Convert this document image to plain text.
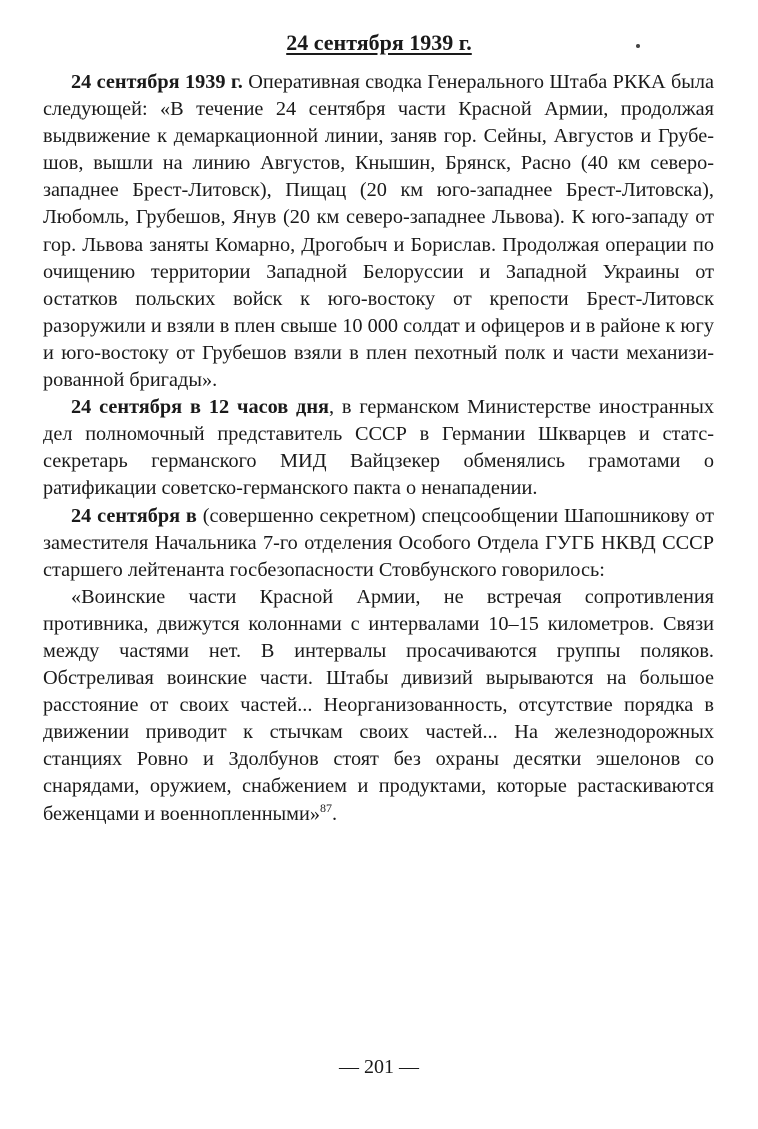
24 сентября 1939 г.

24 сентября 1939 г. Оперативная сводка Генерального Штаба РККА была следующей: «В течение 24 сентября части Красной Армии, продолжая выдвижение к демаркационной линии, заняв гор. Сейны, Августов и Грубешов, вышли на линию Августов, Кнышин, Брянск, Расно (40 км северо-западнее Брест-Литовск), Пищац (20 км юго-западнее Брест-Литовска), Любомль, Грубешов, Янув (20 км северо-западнее Львова). К юго-западу от гор. Львова заняты Комарно, Дрогобыч и Борислав. Продолжая операции по очищению территории Западной Белоруссии и Западной Украины от остатков польских войск к юго-востоку от крепости Брест-Литовск разоружили и взяли в плен свыше 10 000 солдат и офицеров и в районе к югу и юго-востоку от Грубешов взяли в плен пехотный полк и части механизированной бригады».

24 сентября в 12 часов дня, в германском Министерстве иностранных дел полномочный представитель СССР в Германии Шкварцев и статс-секретарь германского МИД Вайцзекер обменялись грамотами о ратификации советско-германского пакта о ненападении.

24 сентября в (совершенно секретном) спецсообщении Шапошникову от заместителя Начальника 7-го отделения Особого Отдела ГУГБ НКВД СССР старшего лейтенанта госбезопасности Стовбунского говорилось:

«Воинские части Красной Армии, не встречая сопротивления противника, движутся колоннами с интервалами 10–15 километров. Связи между частями нет. В интервалы просачиваются группы поляков. Обстреливая воинские части. Штабы дивизий вырываются на большое расстояние от своих частей... Неорганизованность, отсутствие порядка в движении приводит к стычкам своих частей... На железнодорожных станциях Ровно и Здолбунов стоят без охраны десятки эшелонов со снарядами, оружием, снабжением и продуктами, которые растаскиваются беженцами и военнопленными»$^{87}$.

— 201 —
